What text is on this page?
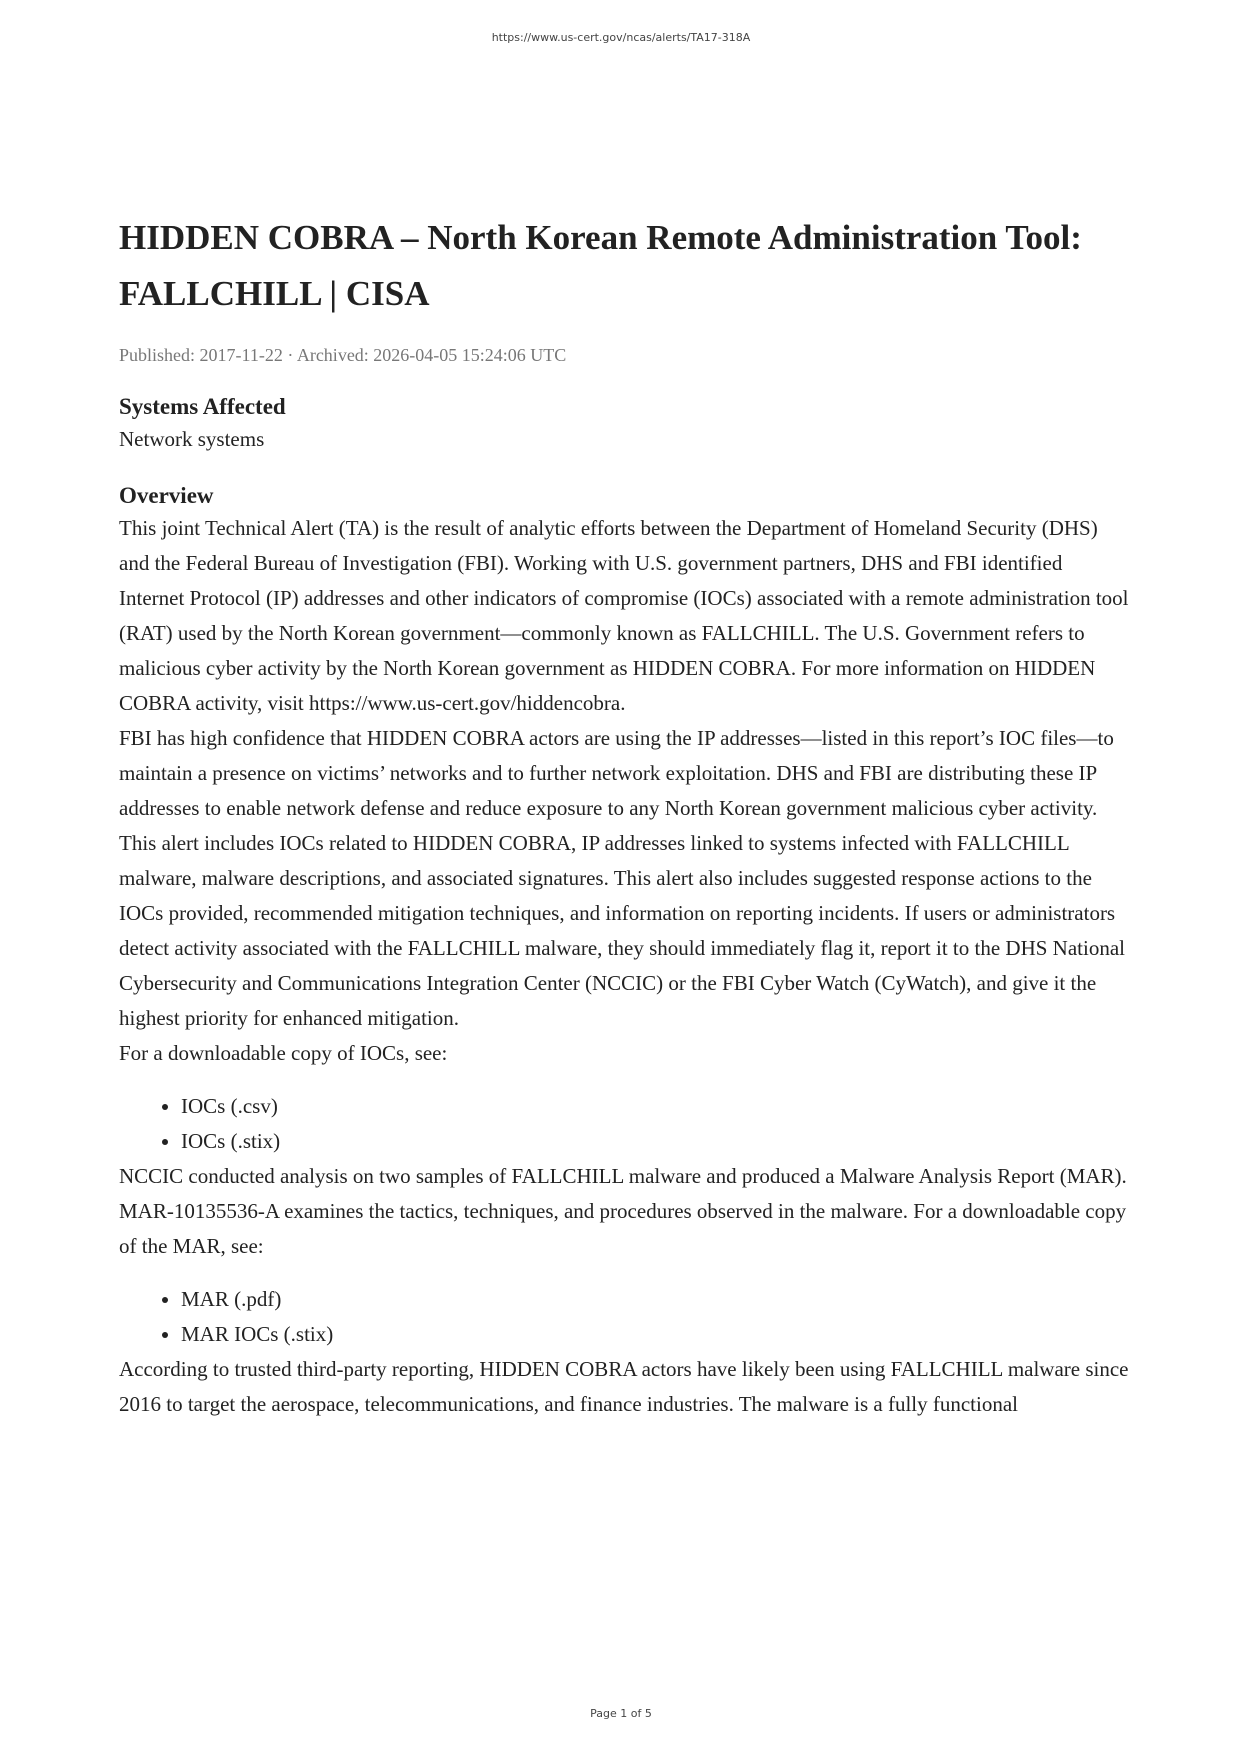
https://www.us-cert.gov/ncas/alerts/TA17-318A
HIDDEN COBRA – North Korean Remote Administration Tool: FALLCHILL | CISA
Published: 2017-11-22 · Archived: 2026-04-05 15:24:06 UTC
Systems Affected

Network systems

Overview

This joint Technical Alert (TA) is the result of analytic efforts between the Department of Homeland Security (DHS) and the Federal Bureau of Investigation (FBI). Working with U.S. government partners, DHS and FBI identified Internet Protocol (IP) addresses and other indicators of compromise (IOCs) associated with a remote administration tool (RAT) used by the North Korean government—commonly known as FALLCHILL. The U.S. Government refers to malicious cyber activity by the North Korean government as HIDDEN COBRA. For more information on HIDDEN COBRA activity, visit https://www.us-cert.gov/hiddencobra.

FBI has high confidence that HIDDEN COBRA actors are using the IP addresses—listed in this report’s IOC files—to maintain a presence on victims’ networks and to further network exploitation. DHS and FBI are distributing these IP addresses to enable network defense and reduce exposure to any North Korean government malicious cyber activity.

This alert includes IOCs related to HIDDEN COBRA, IP addresses linked to systems infected with FALLCHILL malware, malware descriptions, and associated signatures. This alert also includes suggested response actions to the IOCs provided, recommended mitigation techniques, and information on reporting incidents. If users or administrators detect activity associated with the FALLCHILL malware, they should immediately flag it, report it to the DHS National Cybersecurity and Communications Integration Center (NCCIC) or the FBI Cyber Watch (CyWatch), and give it the highest priority for enhanced mitigation.

For a downloadable copy of IOCs, see:

• IOCs (.csv)
• IOCs (.stix)

NCCIC conducted analysis on two samples of FALLCHILL malware and produced a Malware Analysis Report (MAR). MAR-10135536-A examines the tactics, techniques, and procedures observed in the malware. For a downloadable copy of the MAR, see:

• MAR (.pdf)
• MAR IOCs (.stix)

According to trusted third-party reporting, HIDDEN COBRA actors have likely been using FALLCHILL malware since 2016 to target the aerospace, telecommunications, and finance industries. The malware is a fully functional

Page 1 of 5
